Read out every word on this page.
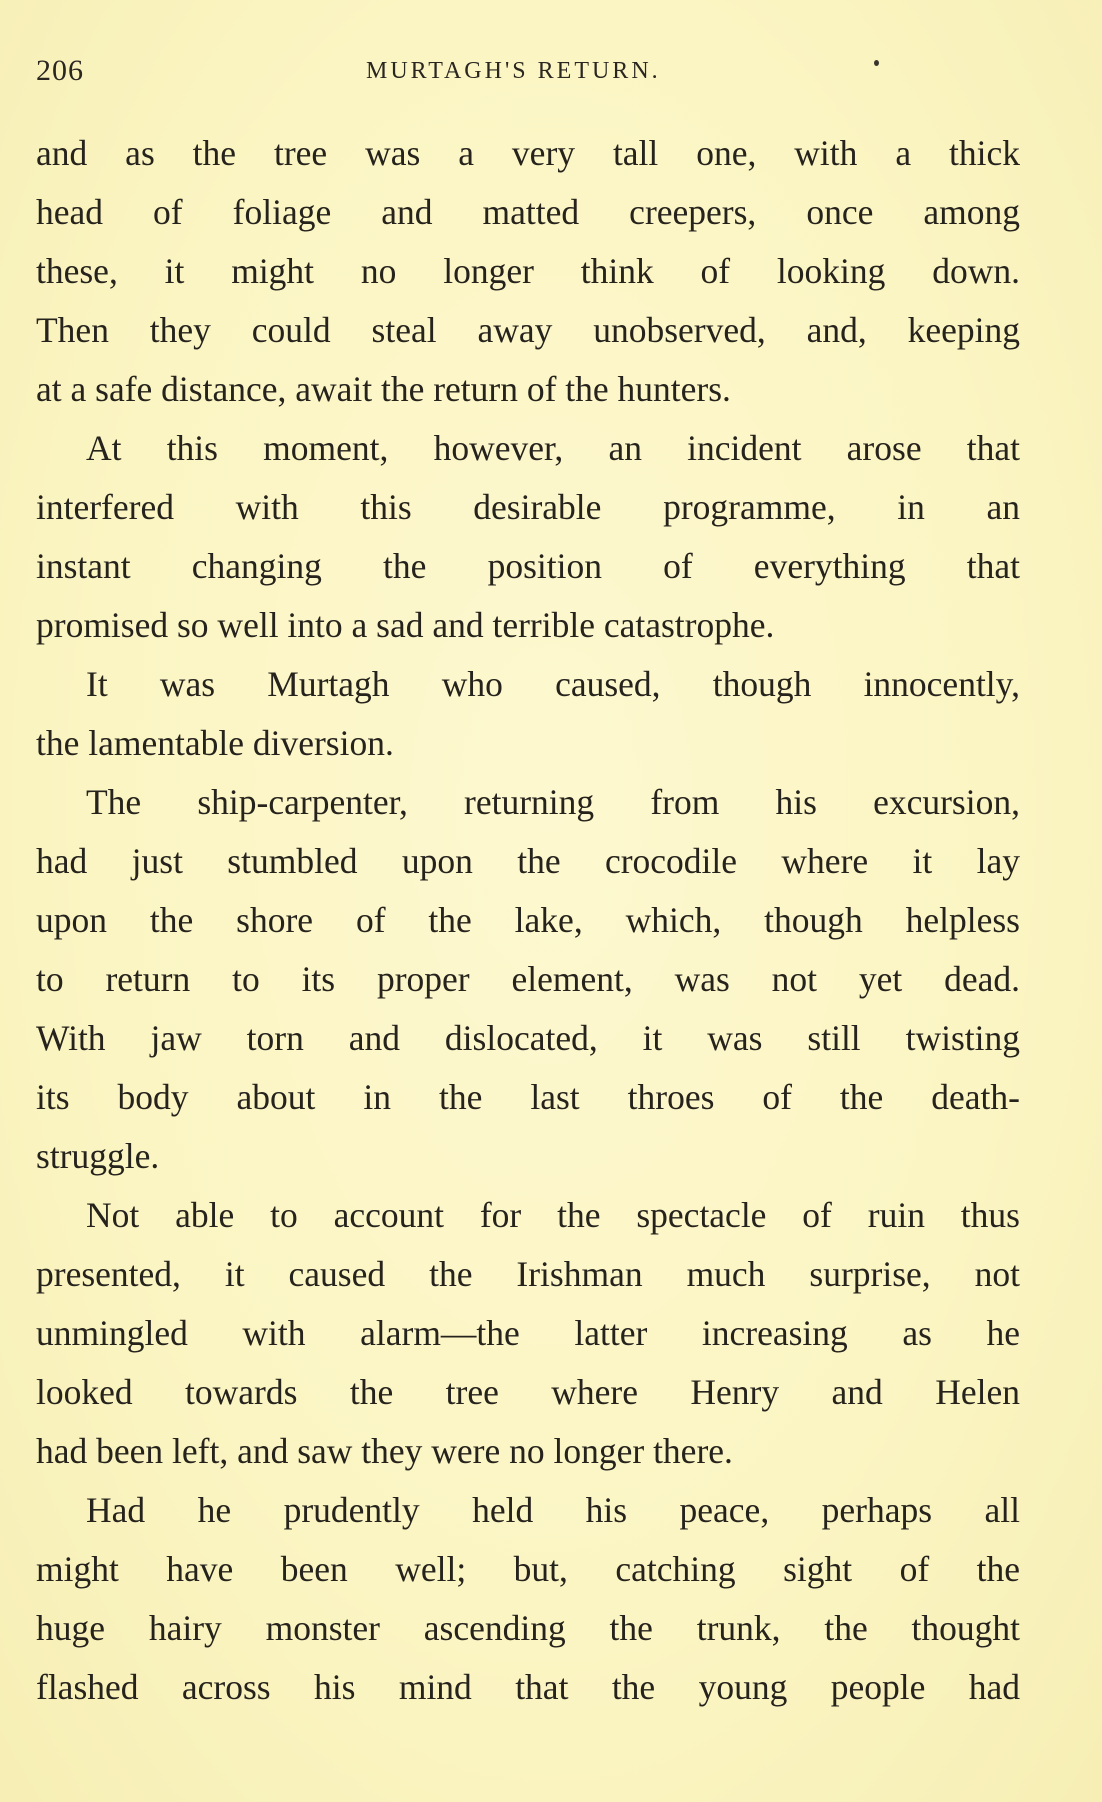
206	MURTAGH'S RETURN.
and as the tree was a very tall one, with a thick
head of foliage and matted creepers, once among
these, it might no longer think of looking down.
Then they could steal away unobserved, and, keeping
at a safe distance, await the return of the hunters.
At this moment, however, an incident arose that
interfered with this desirable programme, in an
instant changing the position of everything that
promised so well into a sad and terrible catastrophe.
It was Murtagh who caused, though innocently,
the lamentable diversion.
The ship-carpenter, returning from his excursion,
had just stumbled upon the crocodile where it lay
upon the shore of the lake, which, though helpless
to return to its proper element, was not yet dead.
With jaw torn and dislocated, it was still twisting
its body about in the last throes of the death-
struggle.
Not able to account for the spectacle of ruin thus
presented, it caused the Irishman much surprise, not
unmingled with alarm—the latter increasing as he
looked towards the tree where Henry and Helen
had been left, and saw they were no longer there.
Had he prudently held his peace, perhaps all
might have been well; but, catching sight of the
huge hairy monster ascending the trunk, the thought
flashed across his mind that the young people had
